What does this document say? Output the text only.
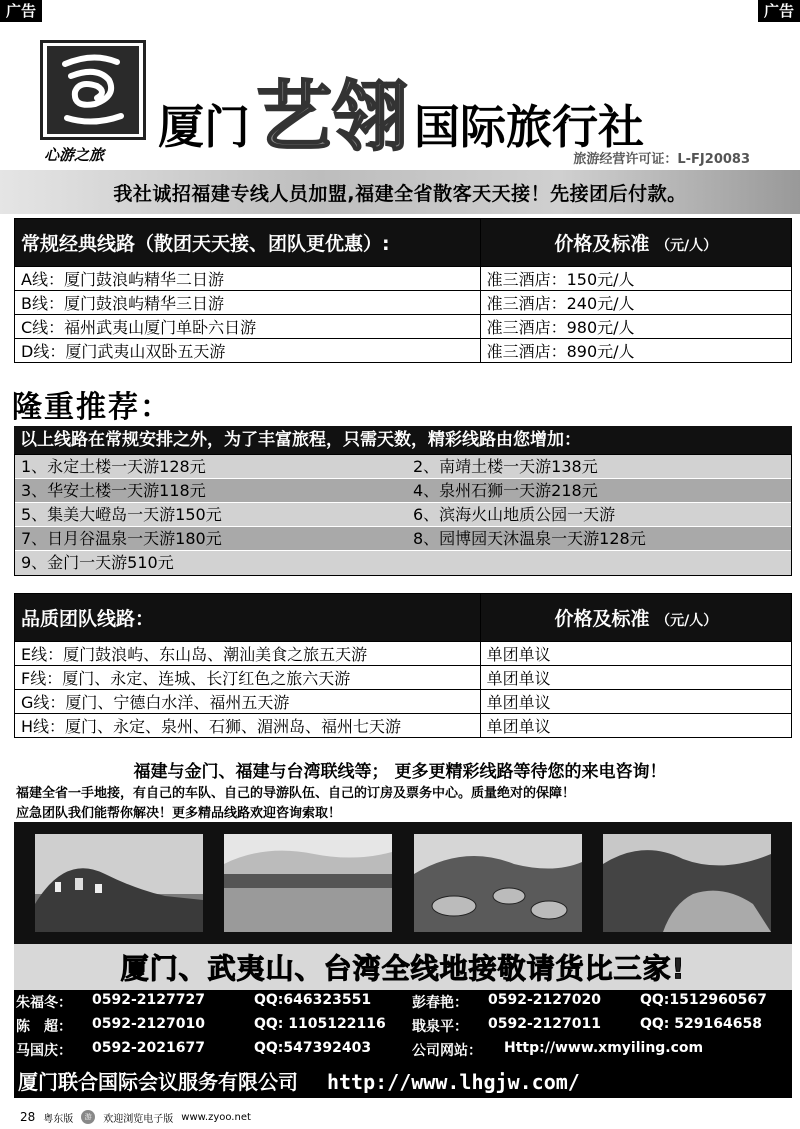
广告	广告
心游之旅
厦门 艺翎 国际旅行社
旅游经营许可证：L-FJ20083
我社诚招福建专线人员加盟,福建全省散客天天接！先接团后付款。
常规经典线路（散团天天接、团队更优惠）:	价格及标准 （元/人）
A线：厦门鼓浪屿精华二日游	准三酒店：150元/人
B线：厦门鼓浪屿精华三日游	准三酒店：240元/人
C线：福州武夷山厦门单卧六日游	准三酒店：980元/人
D线：厦门武夷山双卧五天游	准三酒店：890元/人
隆重推荐：
以上线路在常规安排之外，为了丰富旅程，只需天数，精彩线路由您增加：
1、永定土楼一天游128元	2、南靖土楼一天游138元
3、华安土楼一天游118元	4、泉州石狮一天游218元
5、集美大嶝岛一天游150元	6、滨海火山地质公园一天游
7、日月谷温泉一天游180元	8、园博园天沐温泉一天游128元
9、金门一天游510元
品质团队线路：	价格及标准 （元/人）
E线：厦门鼓浪屿、东山岛、潮汕美食之旅五天游	单团单议
F线：厦门、永定、连城、长汀红色之旅六天游	单团单议
G线：厦门、宁德白水洋、福州五天游	单团单议
H线：厦门、永定、泉州、石狮、湄洲岛、福州七天游	单团单议
福建与金门、福建与台湾联线等； 更多更精彩线路等待您的来电咨询！
福建全省一手地接，有自己的车队、自己的导游队伍、自己的订房及票务中心。质量绝对的保障！
应急团队我们能帮你解决！更多精品线路欢迎咨询索取！
厦门、武夷山、台湾全线地接敬请货比三家!
朱福冬： 0592-2127727	QQ:646323551	彭春艳： 0592-2127020	QQ:1512960567
陈　超： 0592-2127010	QQ: 1105122116 戢泉平： 0592-2127011	QQ: 529164658
马国庆： 0592-2021677	QQ:547392403	公司网站： Http://www.xmyiling.com
厦门联合国际会议服务有限公司 http://www.lhgjw.com/
28 粤东版	游	欢迎浏览电子版 www.zyoo.net
